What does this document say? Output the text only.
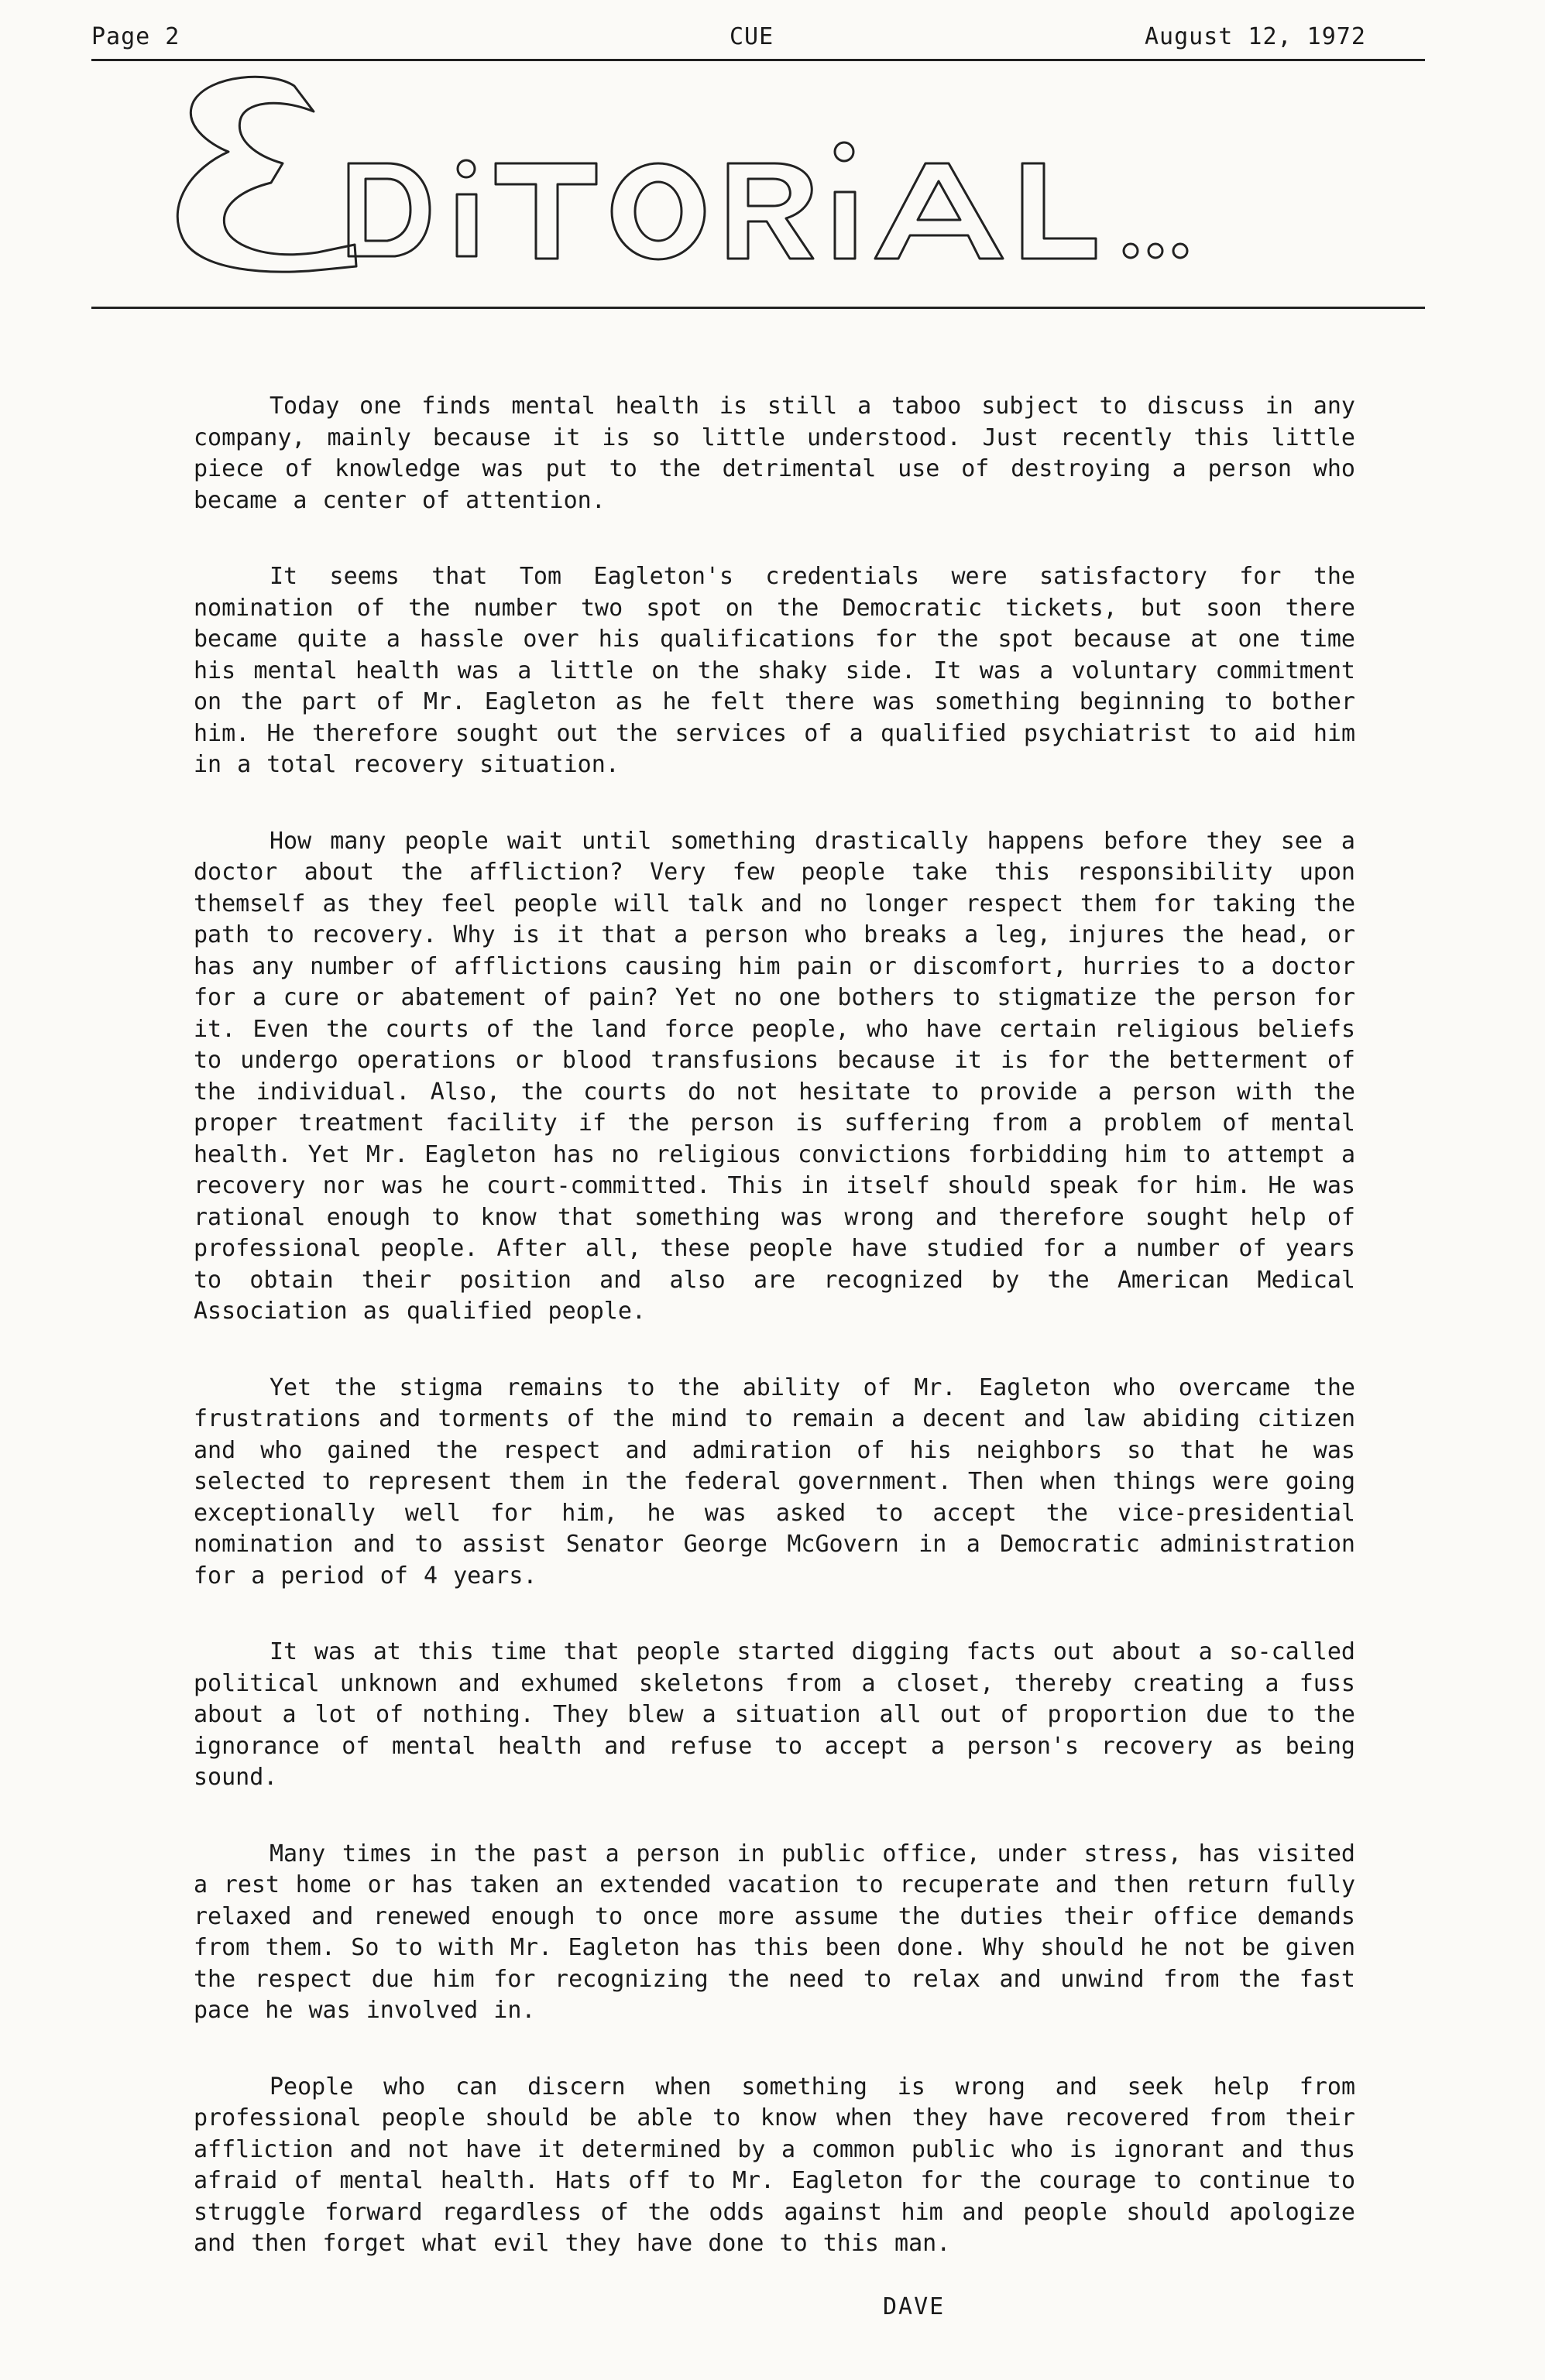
Page 2	CUE	August 12, 1972

Today one finds mental health is still a taboo subject to discuss in any company, mainly because it is so little understood. Just recently this little piece of knowledge was put to the detrimental use of destroying a person who became a center of attention.

It seems that Tom Eagleton's credentials were satisfactory for the nomination of the number two spot on the Democratic tickets, but soon there became quite a hassle over his qualifications for the spot because at one time his mental health was a little on the shaky side. It was a voluntary commitment on the part of Mr. Eagleton as he felt there was something beginning to bother him. He therefore sought out the services of a qualified psychiatrist to aid him in a total recovery situation.

How many people wait until something drastically happens before they see a doctor about the affliction? Very few people take this responsibility upon themself as they feel people will talk and no longer respect them for taking the path to recovery. Why is it that a person who breaks a leg, injures the head, or has any number of afflictions causing him pain or discomfort, hurries to a doctor for a cure or abatement of pain? Yet no one bothers to stigmatize the person for it. Even the courts of the land force people, who have certain religious beliefs to undergo operations or blood transfusions because it is for the betterment of the individual. Also, the courts do not hesitate to provide a person with the proper treatment facility if the person is suffering from a problem of mental health. Yet Mr. Eagleton has no religious convictions forbidding him to attempt a recovery nor was he court-committed. This in itself should speak for him. He was rational enough to know that something was wrong and therefore sought help of professional people. After all, these people have studied for a number of years to obtain their position and also are recognized by the American Medical Association as qualified people.

Yet the stigma remains to the ability of Mr. Eagleton who overcame the frustrations and torments of the mind to remain a decent and law abiding citizen and who gained the respect and admiration of his neighbors so that he was selected to represent them in the federal government. Then when things were going exceptionally well for him, he was asked to accept the vice-presidential nomination and to assist Senator George McGovern in a Democratic administration for a period of 4 years.

It was at this time that people started digging facts out about a so-called political unknown and exhumed skeletons from a closet, thereby creating a fuss about a lot of nothing. They blew a situation all out of proportion due to the ignorance of mental health and refuse to accept a person's recovery as being sound.

Many times in the past a person in public office, under stress, has visited a rest home or has taken an extended vacation to recuperate and then return fully relaxed and renewed enough to once more assume the duties their office demands from them. So to with Mr. Eagleton has this been done. Why should he not be given the respect due him for recognizing the need to relax and unwind from the fast pace he was involved in.

People who can discern when something is wrong and seek help from professional people should be able to know when they have recovered from their affliction and not have it determined by a common public who is ignorant and thus afraid of mental health. Hats off to Mr. Eagleton for the courage to continue to struggle forward regardless of the odds against him and people should apologize and then forget what evil they have done to this man.

DAVE
